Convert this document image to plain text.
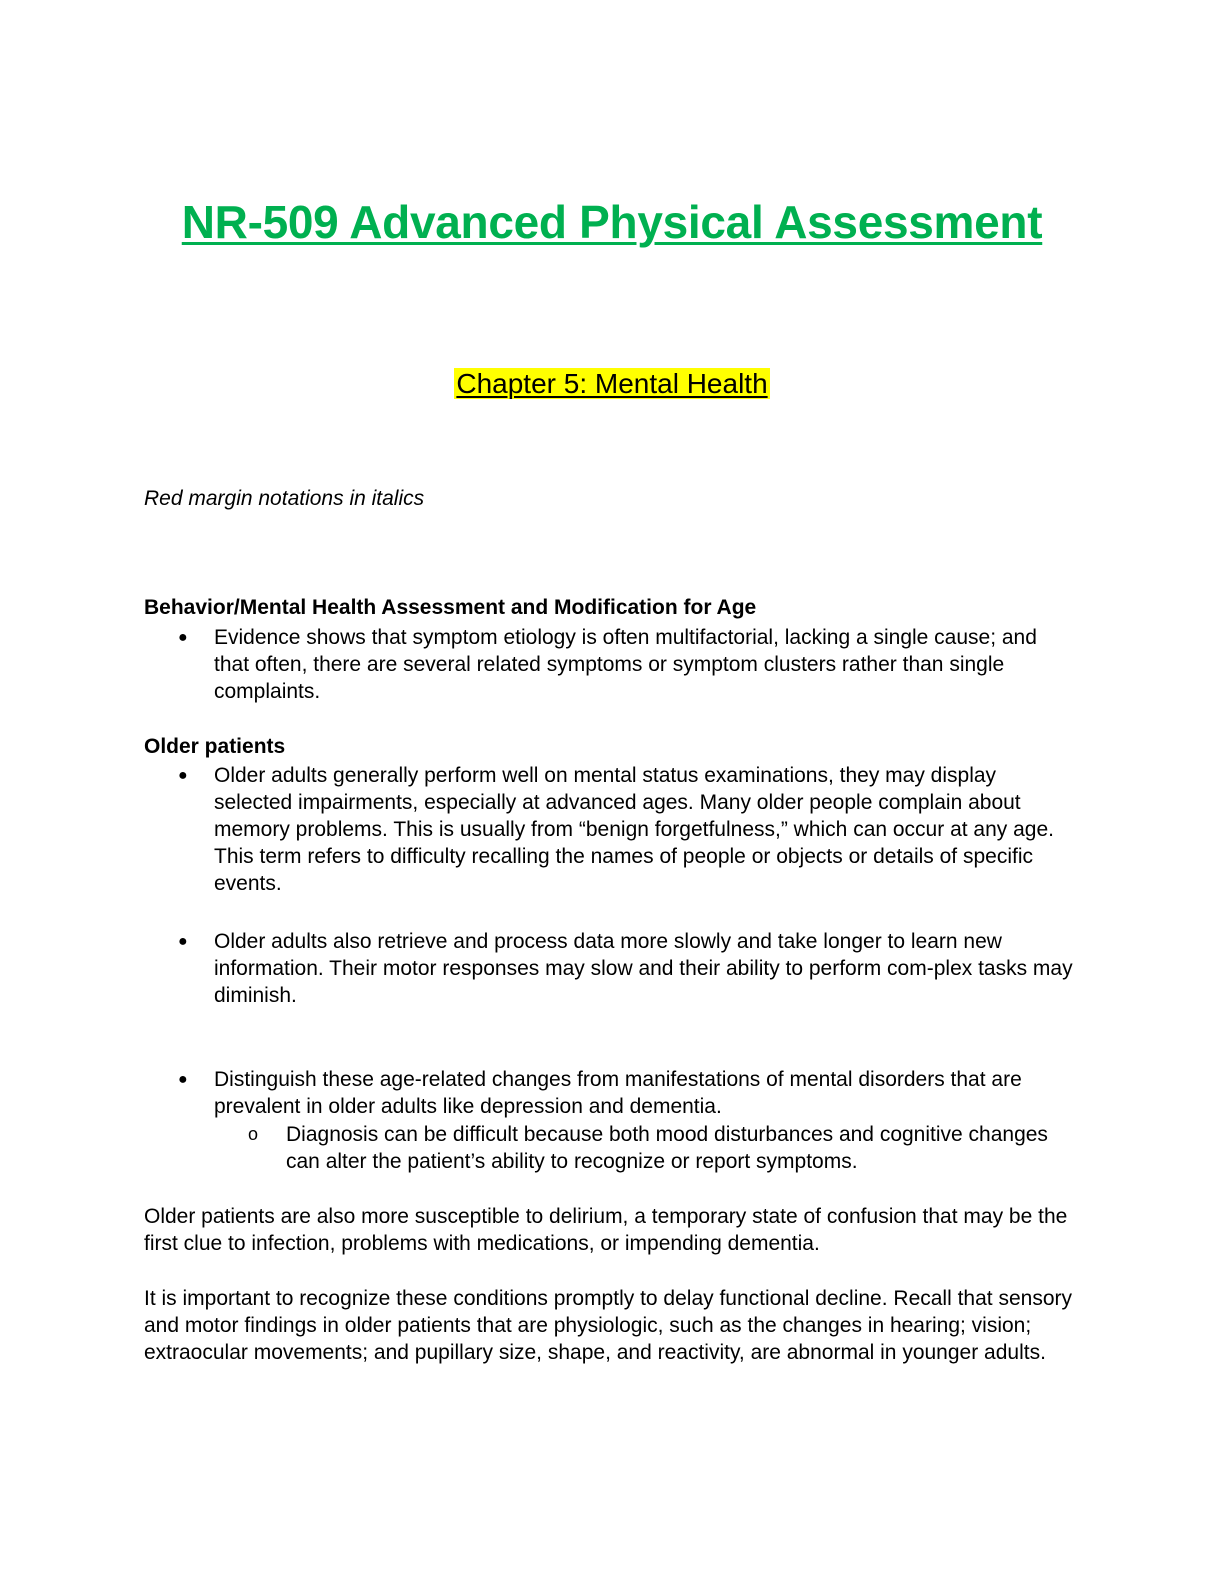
NR-509 Advanced Physical Assessment
Chapter 5: Mental Health
Red margin notations in italics
Behavior/Mental Health Assessment and Modification for Age
● Evidence shows that symptom etiology is often multifactorial, lacking a single cause; and that often, there are several related symptoms or symptom clusters rather than single complaints.
Older patients
● Older adults generally perform well on mental status examinations, they may display selected impairments, especially at advanced ages. Many older people complain about memory problems. This is usually from “benign forgetfulness,” which can occur at any age. This term refers to difficulty recalling the names of people or objects or details of specific events.
● Older adults also retrieve and process data more slowly and take longer to learn new information. Their motor responses may slow and their ability to perform com-plex tasks may diminish.
● Distinguish these age-related changes from manifestations of mental disorders that are prevalent in older adults like depression and dementia.
o Diagnosis can be difficult because both mood disturbances and cognitive changes can alter the patient’s ability to recognize or report symptoms.
Older patients are also more susceptible to delirium, a temporary state of confusion that may be the first clue to infection, problems with medications, or impending dementia.
It is important to recognize these conditions promptly to delay functional decline. Recall that sensory and motor findings in older patients that are physiologic, such as the changes in hearing; vision; extraocular movements; and pupillary size, shape, and reactivity, are abnormal in younger adults.
